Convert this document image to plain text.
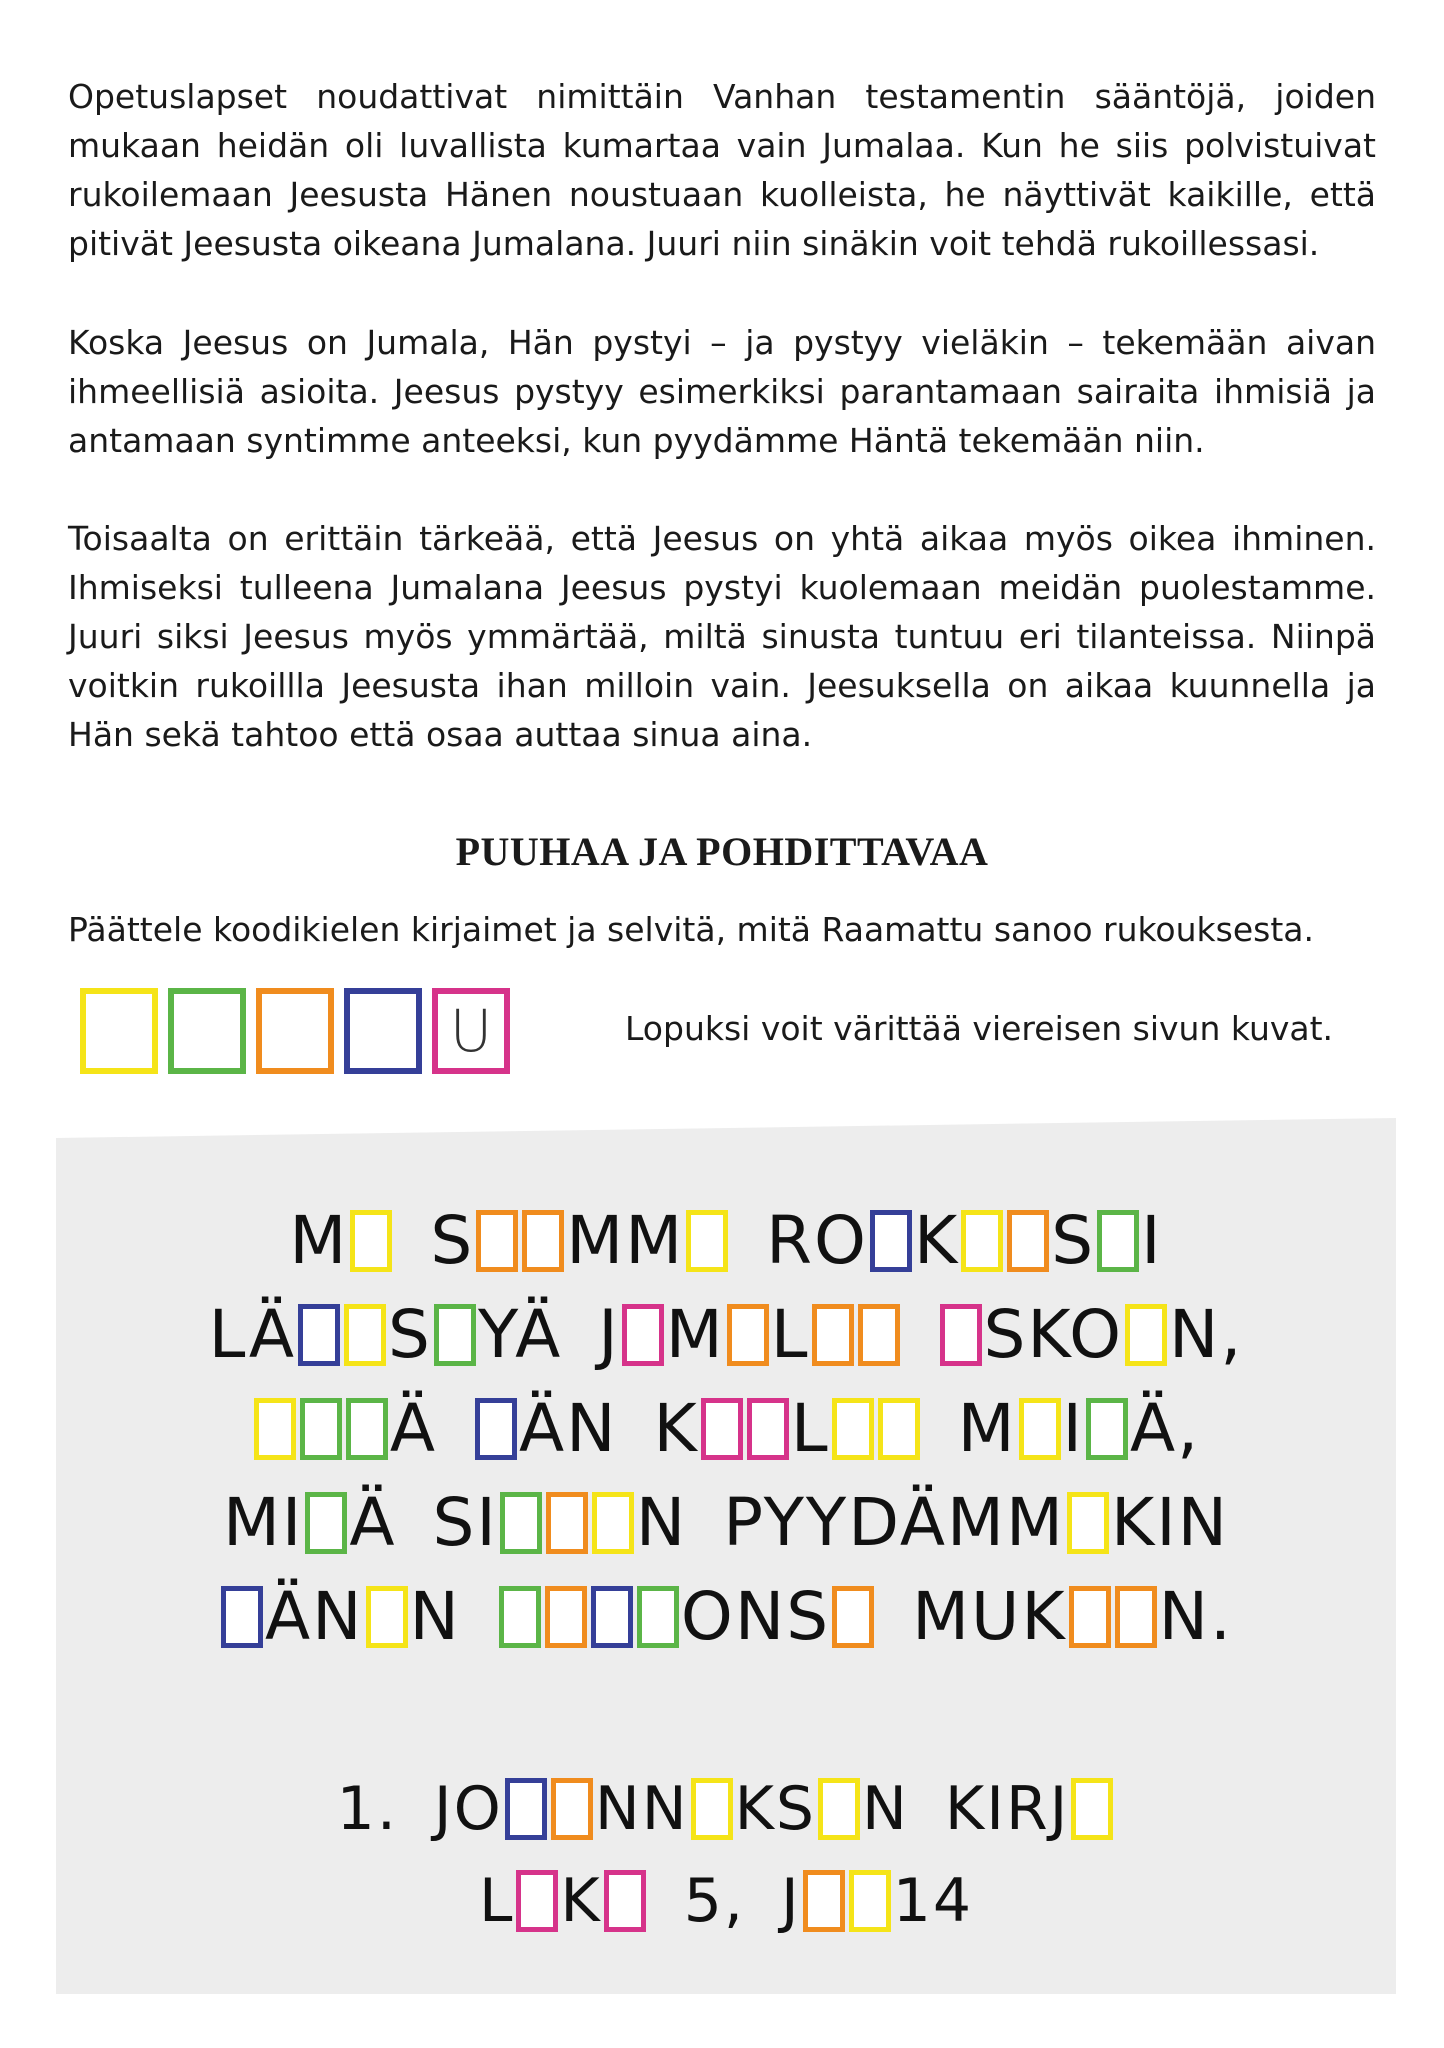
Opetuslapset noudattivat nimittäin Vanhan testamentin sääntöjä, joiden mukaan heidän oli luvallista kumartaa vain Jumalaa. Kun he siis polvistuivat rukoilemaan Jeesusta Hänen noustuaan kuolleista, he näyttivät kaikille, että pitivät Jeesusta oikeana Jumalana. Juuri niin sinäkin voit tehdä rukoillessasi.

Koska Jeesus on Jumala, Hän pystyi – ja pystyy vieläkin – tekemään aivan ihmeellisiä asioita. Jeesus pystyy esimerkiksi parantamaan sairaita ihmisiä ja antamaan syntimme anteeksi, kun pyydämme Häntä tekemään niin.

Toisaalta on erittäin tärkeää, että Jeesus on yhtä aikaa myös oikea ihminen. Ihmiseksi tulleena Jumalana Jeesus pystyi kuolemaan meidän puolestamme. Juuri siksi Jeesus myös ymmärtää, miltä sinusta tuntuu eri tilanteissa. Niinpä voitkin rukoillla Jeesusta ihan milloin vain. Jeesuksella on aikaa kuunnella ja Hän sekä tahtoo että osaa auttaa sinua aina.

PUUHAA JA POHDITTAVAA

Päättele koodikielen kirjaimet ja selvitä, mitä Raamattu sanoo rukouksesta.

U	Lopuksi voit värittää viereisen sivun kuvat.

M S MM RO K S I
LÄ S YÄ J M L	SKO N,
Ä ÄN K L M I Ä,
MI Ä SI N PYYDÄMM KIN
ÄN N	ONS MUK N.
1. JO NN KS N KIRJ
L K 5, J 14
